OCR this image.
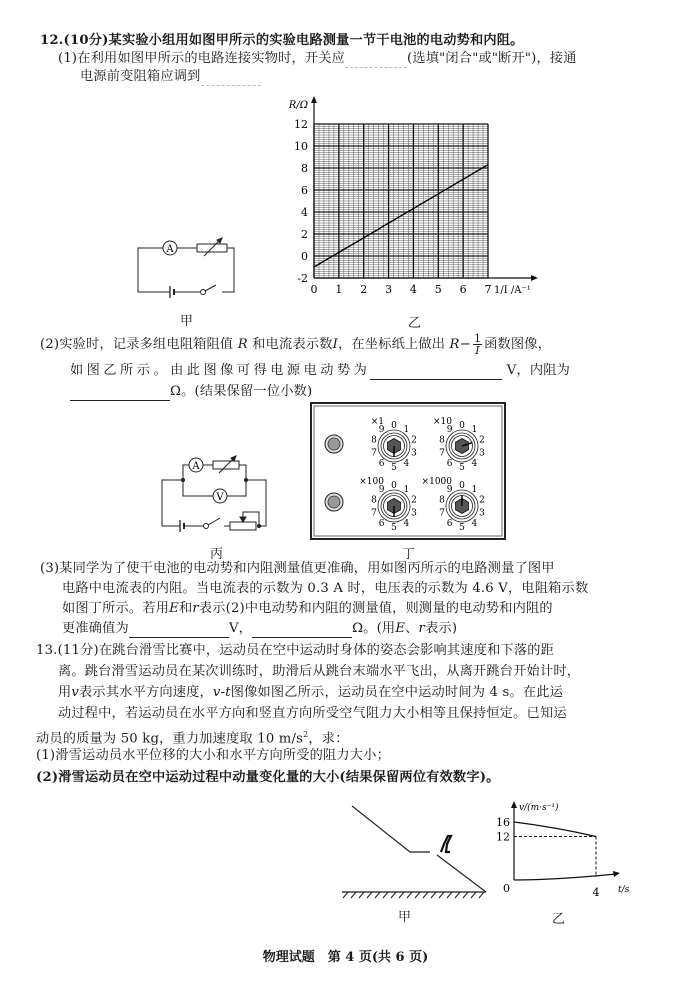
12.(10分)某实验小组用如图甲所示的实验电路测量一节干电池的电动势和内阻。
(1)在利用如图甲所示的电路连接实物时，开关应	(选填"闭合"或"断开")，接通
电源前变阻箱应调到
A
甲
-2
0
2
4
6
8
10
12
0 1 2 3 4 5 6 7
R/Ω
1/I /A⁻¹
乙
(2)实验时，记录多组电阻箱阻值 R 和电流表示数I，在坐标纸上做出 $R- \frac{1}{I}$ 函数图像，
如图乙所示。由此图像可得电源电动势为	V，内阻为
Ω。(结果保留一位小数)
A
V
丙
0 1
2
3
4
5
6
7
8
9
×1	0 1
2
3
4
5
6
7
8
9
×10
0 1
2
3
4
5
6
7
8
9
×100	0 1
2
3
4
5
6
7
8
9
×1000
丁
(3)某同学为了使干电池的电动势和内阻测量值更准确，用如图丙所示的电路测量了图甲
电路中电流表的内阻。当电流表的示数为 0.3 A 时，电压表的示数为 4.6 V，电阻箱示数
如图丁所示。若用E和r表示(2)中电动势和内阻的测量值，则测量的电动势和内阻的
更准确值为	V，	Ω。(用E、r表示)
13.(11分)在跳台滑雪比赛中，运动员在空中运动时身体的姿态会影响其速度和下落的距
离。跳台滑雪运动员在某次训练时，助滑后从跳台末端水平飞出，从离开跳台开始计时，
用v表示其水平方向速度，v-t图像如图乙所示，运动员在空中运动时间为 4 s。在此运
动过程中，若运动员在水平方向和竖直方向所受空气阻力大小相等且保持恒定。已知运
动员的质量为 50 kg，重力加速度取 10 $m/s^2$，求：
(1)滑雪运动员水平位移的大小和水平方向所受的阻力大小；
(2)滑雪运动员在空中运动过程中动量变化量的大小(结果保留两位有效数字)。
甲
v/(m·s⁻¹)
t/s
12
16
0	4
乙
物理试题　第 4 页(共 6 页)
